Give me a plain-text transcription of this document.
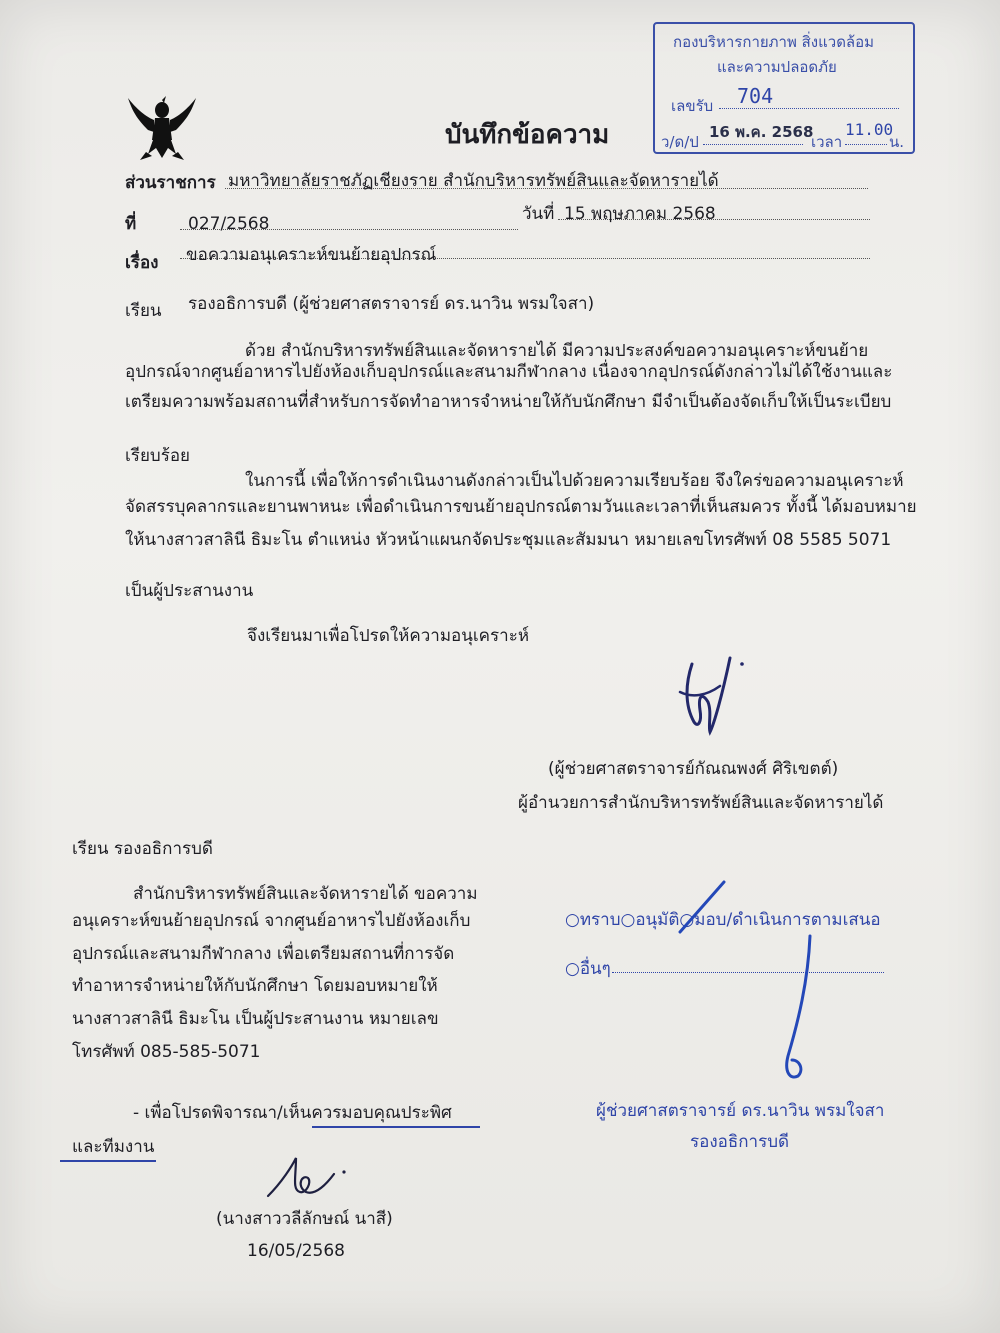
บันทึกข้อความ
กองบริหารกายภาพ สิ่งแวดล้อม
และความปลอดภัย
เลขรับ 704
ว/ด/ป
16 พ.ค. 2568
เวลา
11.00
น.
ส่วนราชการ มหาวิทยาลัยราชภัฏเชียงราย สำนักบริหารทรัพย์สินและจัดหารายได้
ที่	027/2568	วันที่ 15 พฤษภาคม 2568
เรื่อง ขอความอนุเคราะห์ขนย้ายอุปกรณ์
เรียน รองอธิการบดี (ผู้ช่วยศาสตราจารย์ ดร.นาวิน พรมใจสา)
ด้วย สำนักบริหารทรัพย์สินและจัดหารายได้ มีความประสงค์ขอความอนุเคราะห์ขนย้าย
อุปกรณ์จากศูนย์อาหารไปยังห้องเก็บอุปกรณ์และสนามกีฬากลาง เนื่องจากอุปกรณ์ดังกล่าวไม่ได้ใช้งานและ
เตรียมความพร้อมสถานที่สำหรับการจัดทำอาหารจำหน่ายให้กับนักศึกษา มีจำเป็นต้องจัดเก็บให้เป็นระเบียบ
เรียบร้อย
ในการนี้ เพื่อให้การดำเนินงานดังกล่าวเป็นไปด้วยความเรียบร้อย จึงใคร่ขอความอนุเคราะห์
จัดสรรบุคลากรและยานพาหนะ เพื่อดำเนินการขนย้ายอุปกรณ์ตามวันและเวลาที่เห็นสมควร ทั้งนี้ ได้มอบหมาย
ให้นางสาวสาลินี ธิมะโน ตำแหน่ง หัวหน้าแผนกจัดประชุมและสัมมนา หมายเลขโทรศัพท์ 08 5585 5071
เป็นผู้ประสานงาน
จึงเรียนมาเพื่อโปรดให้ความอนุเคราะห์
(ผู้ช่วยศาสตราจารย์กัณณพงศ์ ศิริเขตต์)
ผู้อำนวยการสำนักบริหารทรัพย์สินและจัดหารายได้
เรียน รองอธิการบดี
สำนักบริหารทรัพย์สินและจัดหารายได้ ขอความ
อนุเคราะห์ขนย้ายอุปกรณ์ จากศูนย์อาหารไปยังห้องเก็บ
อุปกรณ์และสนามกีฬากลาง เพื่อเตรียมสถานที่การจัด
ทำอาหารจำหน่ายให้กับนักศึกษา โดยมอบหมายให้
นางสาวสาลินี ธิมะโน เป็นผู้ประสานงาน หมายเลข
โทรศัพท์ 085-585-5071
- เพื่อโปรดพิจารณา/เห็นควรมอบคุณประพิศ
และทีมงาน
(นางสาววลีลักษณ์ นาสี)
16/05/2568
○ทราบ○อนุมัติ○มอบ/ดำเนินการตามเสนอ
○อื่นๆ
ผู้ช่วยศาสตราจารย์ ดร.นาวิน พรมใจสา
รองอธิการบดี
